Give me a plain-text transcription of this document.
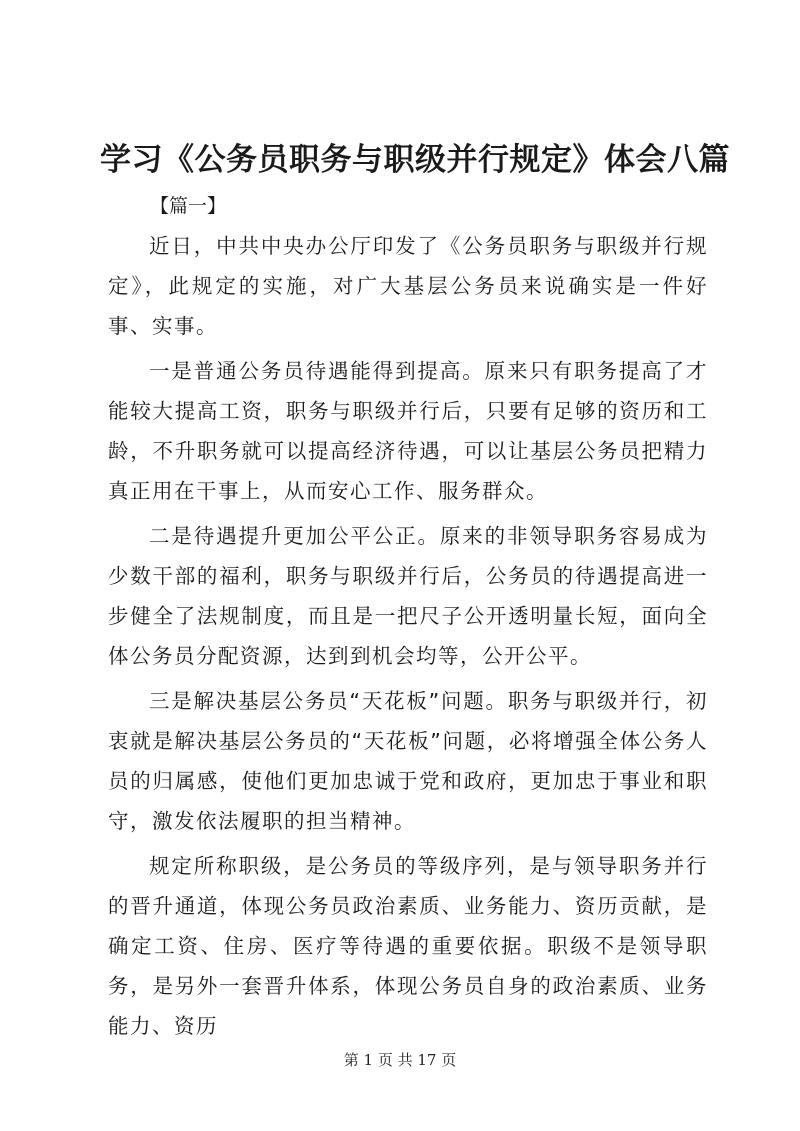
学习《公务员职务与职级并行规定》体会八篇

【篇一】

近日，中共中央办公厅印发了《公务员职务与职级并行规定》，此规定的实施，对广大基层公务员来说确实是一件好事、实事。

一是普通公务员待遇能得到提高。原来只有职务提高了才能较大提高工资，职务与职级并行后，只要有足够的资历和工龄，不升职务就可以提高经济待遇，可以让基层公务员把精力真正用在干事上，从而安心工作、服务群众。

二是待遇提升更加公平公正。原来的非领导职务容易成为少数干部的福利，职务与职级并行后，公务员的待遇提高进一步健全了法规制度，而且是一把尺子公开透明量长短，面向全体公务员分配资源，达到到机会均等，公开公平。

三是解决基层公务员“天花板”问题。职务与职级并行，初衷就是解决基层公务员的“天花板”问题，必将增强全体公务人员的归属感，使他们更加忠诚于党和政府，更加忠于事业和职守，激发依法履职的担当精神。

规定所称职级，是公务员的等级序列，是与领导职务并行的晋升通道，体现公务员政治素质、业务能力、资历贡献，是确定工资、住房、医疗等待遇的重要依据。职级不是领导职务，是另外一套晋升体系，体现公务员自身的政治素质、业务能力、资历

第 1 页 共 17 页
